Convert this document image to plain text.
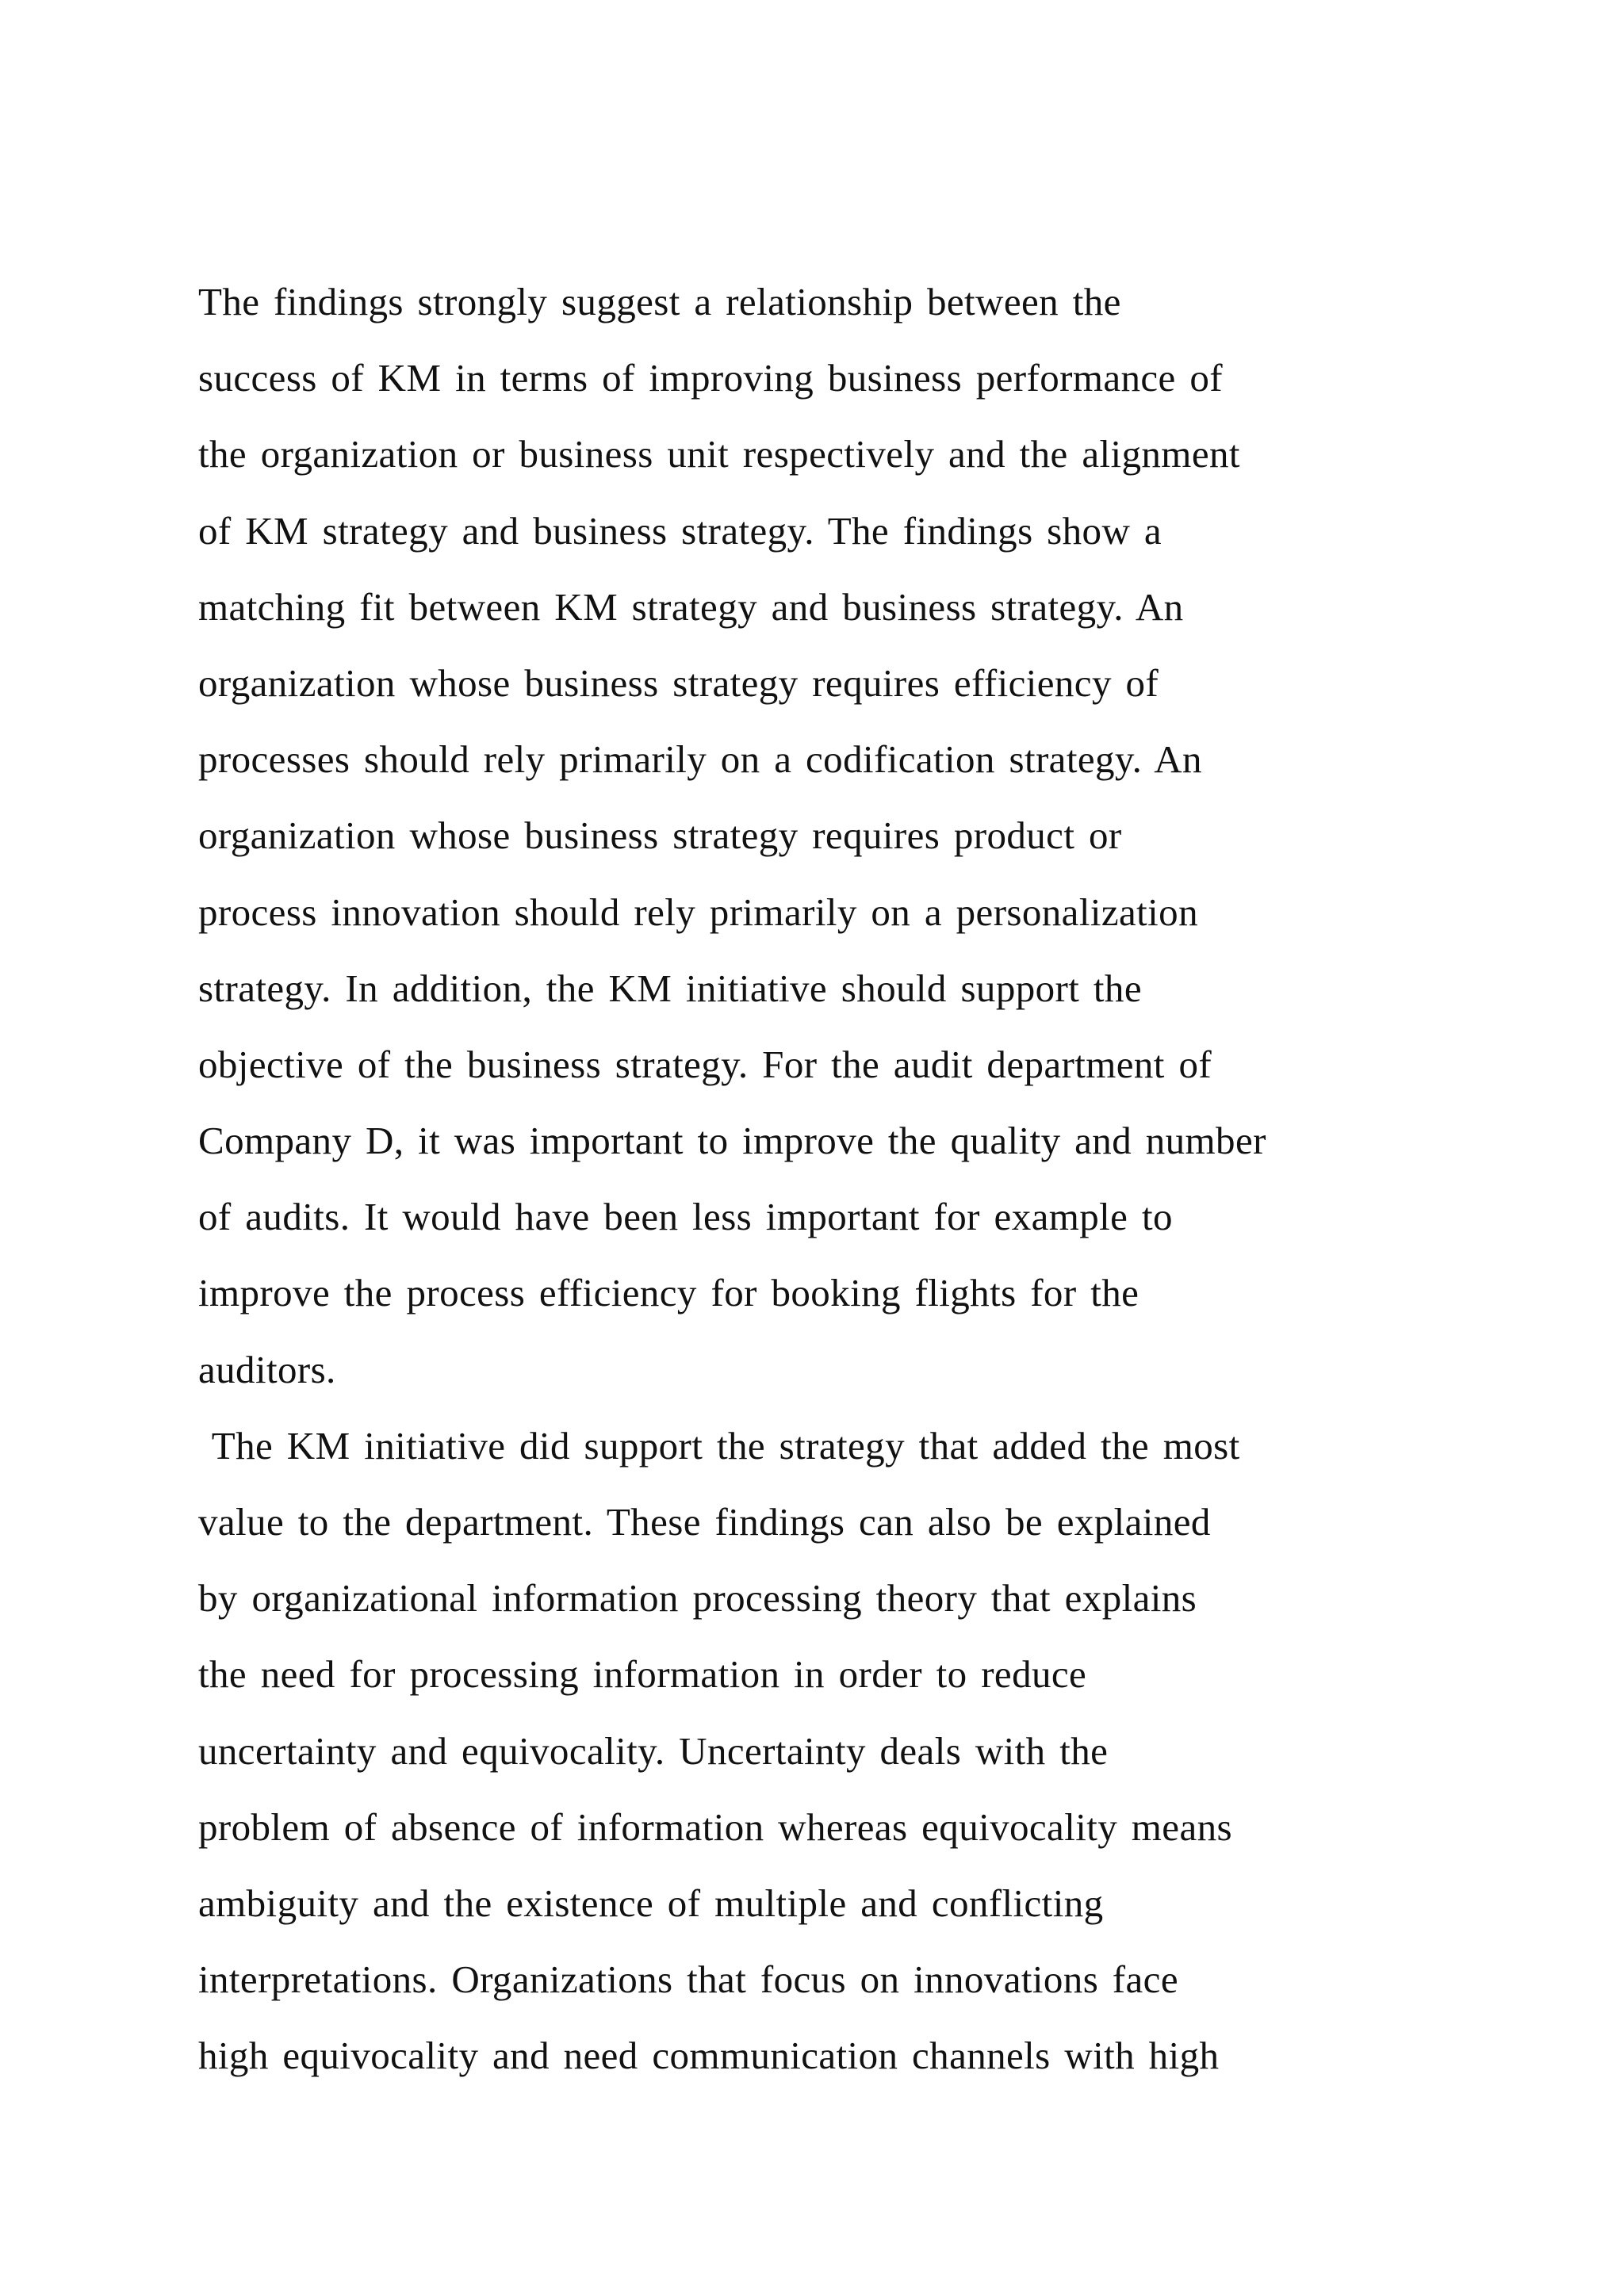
The findings strongly suggest a relationship between the
success of KM in terms of improving business performance of
the organization or business unit respectively and the alignment
of KM strategy and business strategy. The findings show a
matching fit between KM strategy and business strategy. An
organization whose business strategy requires efficiency of
processes should rely primarily on a codification strategy. An
organization whose business strategy requires product or
process innovation should rely primarily on a personalization
strategy. In addition, the KM initiative should support the
objective of the business strategy. For the audit department of
Company D, it was important to improve the quality and number
of audits. It would have been less important for example to
improve the process efficiency for booking flights for the
auditors.
The KM initiative did support the strategy that added the most
value to the department. These findings can also be explained
by organizational information processing theory that explains
the need for processing information in order to reduce
uncertainty and equivocality. Uncertainty deals with the
problem of absence of information whereas equivocality means
ambiguity and the existence of multiple and conflicting
interpretations. Organizations that focus on innovations face
high equivocality and need communication channels with high
